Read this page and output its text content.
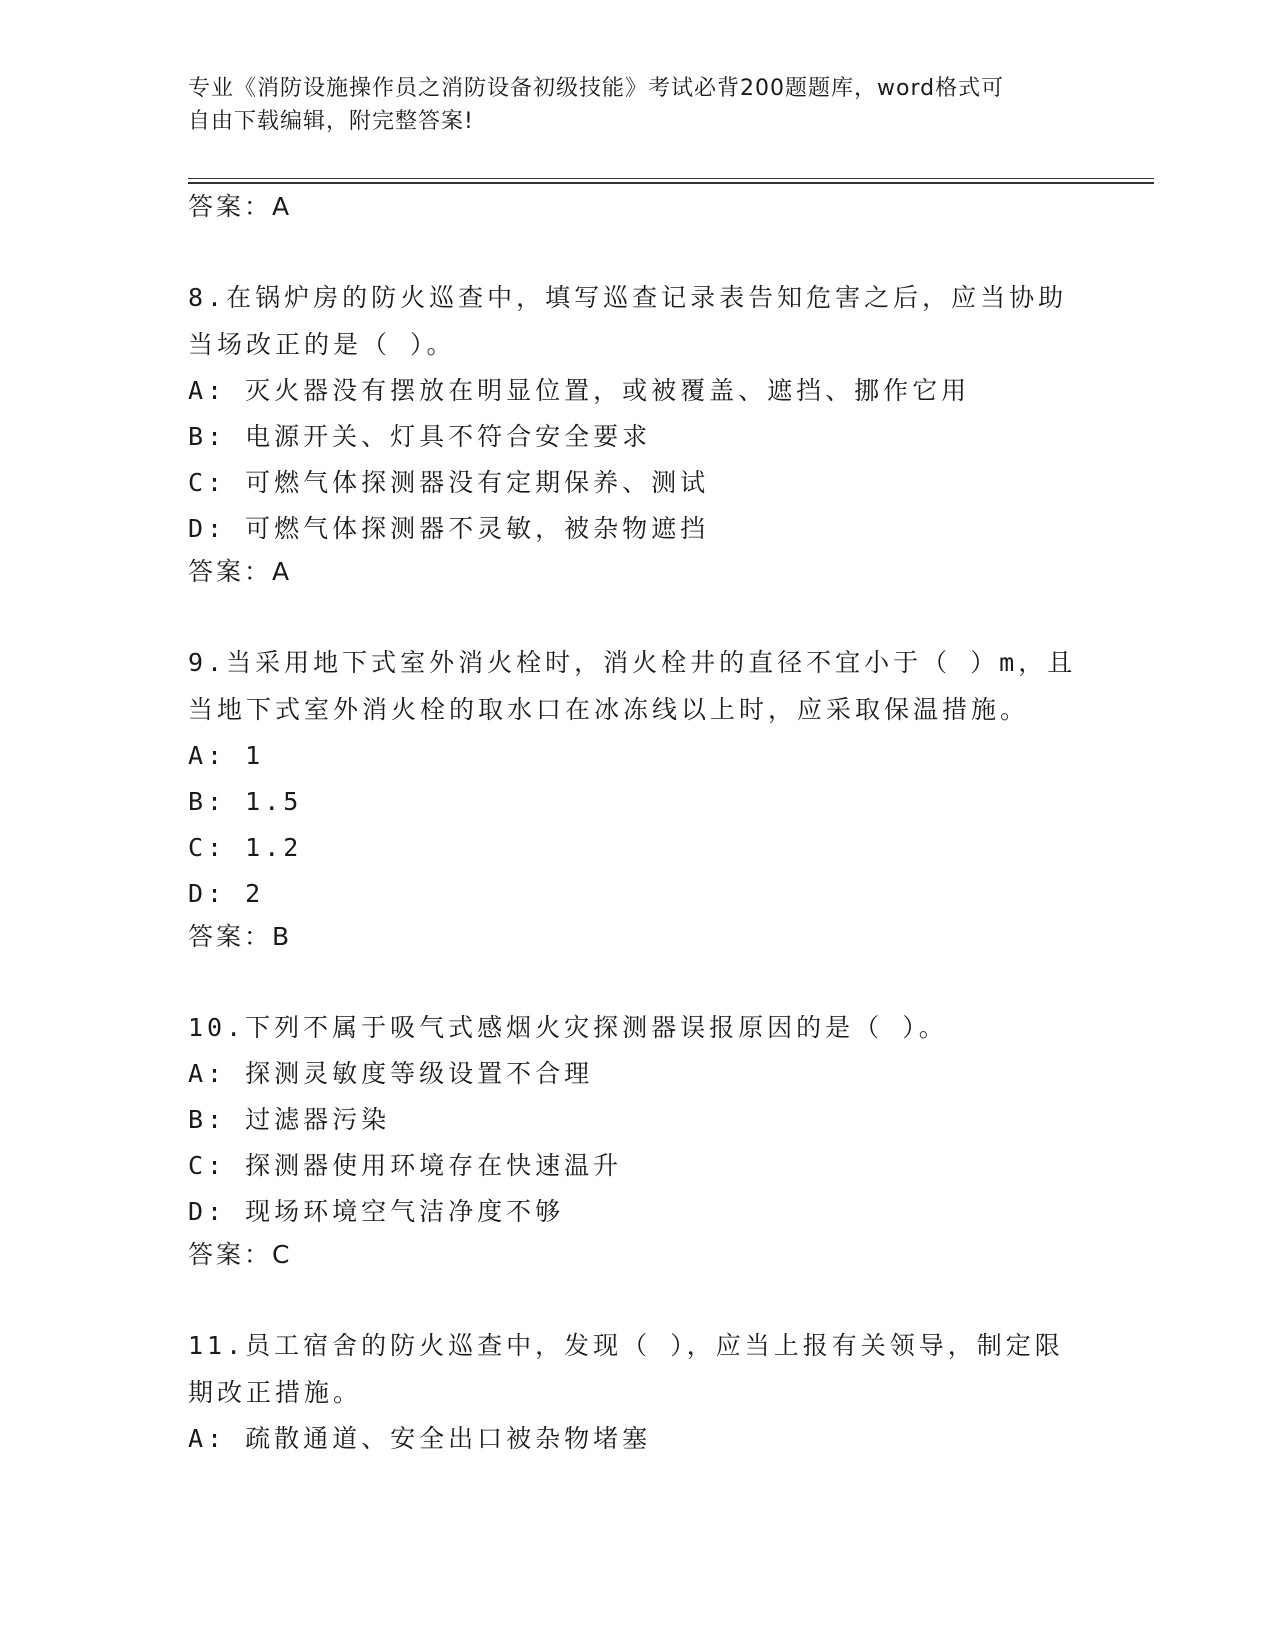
专业《消防设施操作员之消防设备初级技能》考试必背200题题库，word格式可
自由下载编辑，附完整答案!
答案：A
8.在锅炉房的防火巡查中，填写巡查记录表告知危害之后，应当协助
当场改正的是（ ）。
A: 灭火器没有摆放在明显位置，或被覆盖、遮挡、挪作它用
B: 电源开关、灯具不符合安全要求
C: 可燃气体探测器没有定期保养、测试
D: 可燃气体探测器不灵敏，被杂物遮挡
答案：A
9.当采用地下式室外消火栓时，消火栓井的直径不宜小于（ ）m，且
当地下式室外消火栓的取水口在冰冻线以上时，应采取保温措施。
A: 1
B: 1.5
C: 1.2
D: 2
答案：B
10.下列不属于吸气式感烟火灾探测器误报原因的是（ ）。
A: 探测灵敏度等级设置不合理
B: 过滤器污染
C: 探测器使用环境存在快速温升
D: 现场环境空气洁净度不够
答案：C
11.员工宿舍的防火巡查中，发现（ ），应当上报有关领导，制定限
期改正措施。
A: 疏散通道、安全出口被杂物堵塞
